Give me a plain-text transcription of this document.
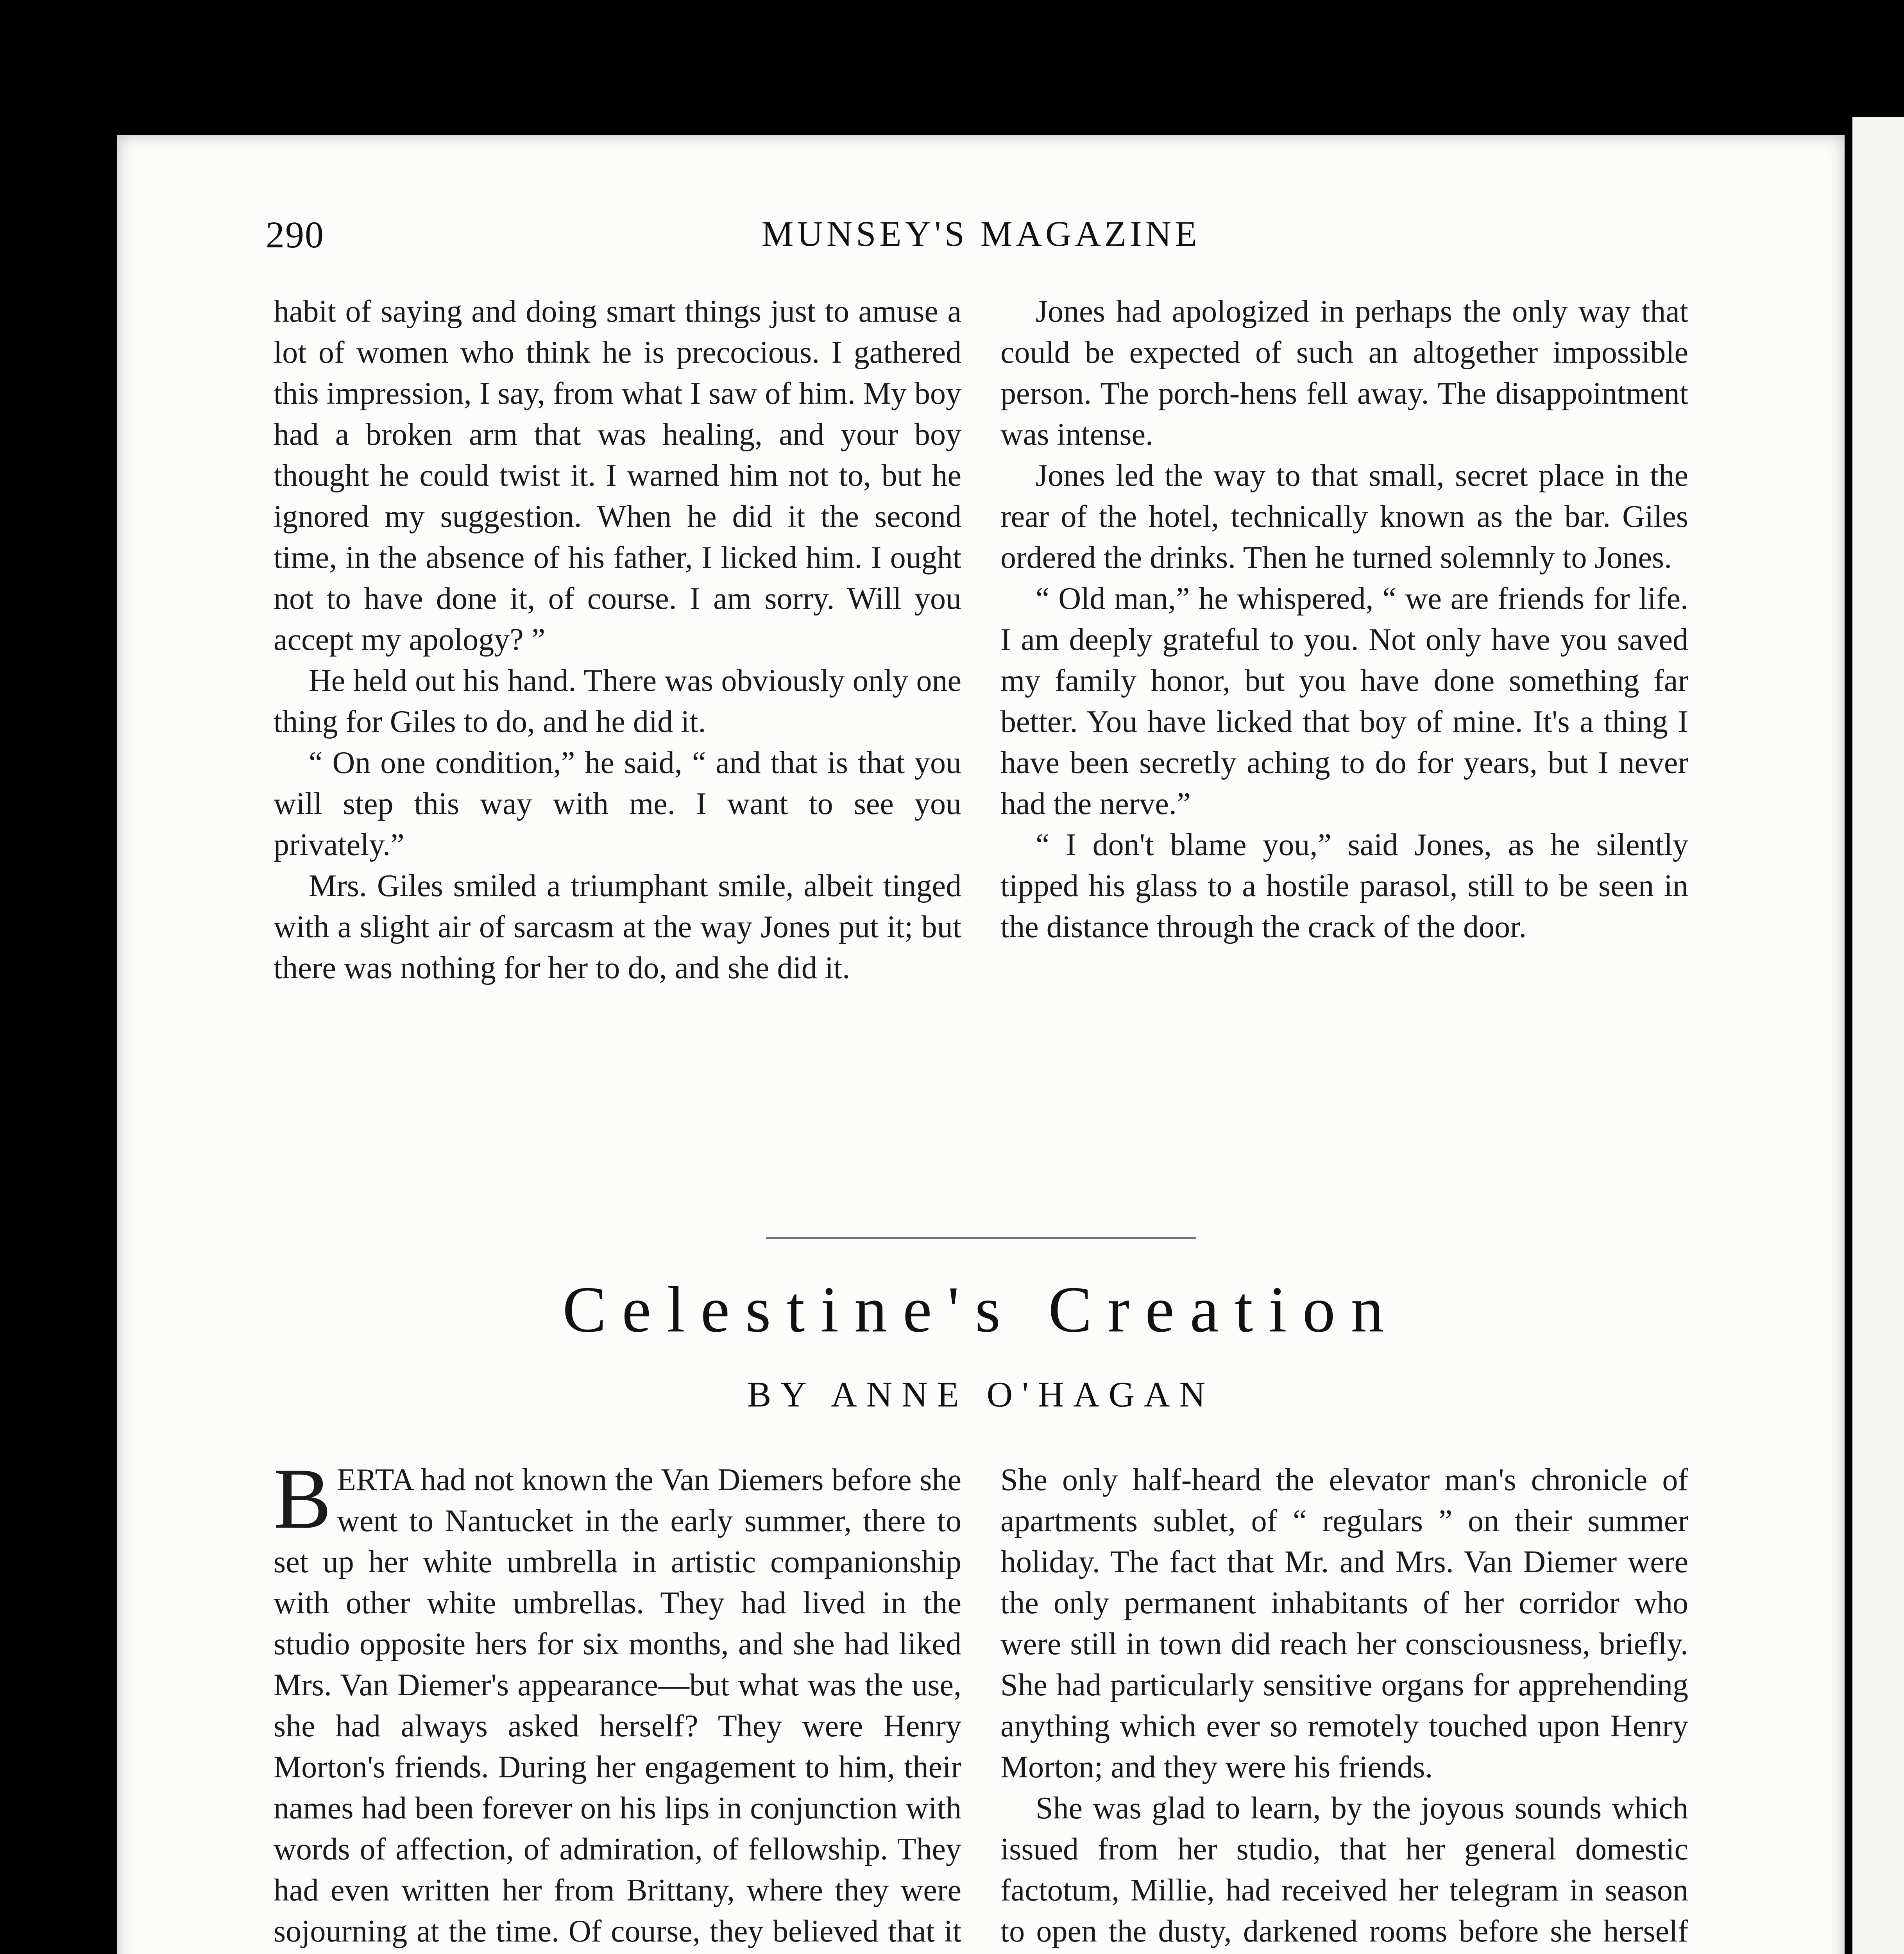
290	MUNSEY'S MAGAZINE

habit of saying and doing smart things just to amuse a lot of women who think he is precocious. I gathered this impression, I say, from what I saw of him. My boy had a broken arm that was healing, and your boy thought he could twist it. I warned him not to, but he ignored my suggestion. When he did it the second time, in the absence of his father, I licked him. I ought not to have done it, of course. I am sorry. Will you accept my apology? ”

He held out his hand. There was obviously only one thing for Giles to do, and he did it.

“ On one condition,” he said, “ and that is that you will step this way with me. I want to see you privately.”

Mrs. Giles smiled a triumphant smile, albeit tinged with a slight air of sarcasm at the way Jones put it; but there was nothing for her to do, and she did it.

Jones had apologized in perhaps the only way that could be expected of such an altogether impossible person. The porch-hens fell away. The disappointment was intense.

Jones led the way to that small, secret place in the rear of the hotel, technically known as the bar. Giles ordered the drinks. Then he turned solemnly to Jones.

“ Old man,” he whispered, “ we are friends for life. I am deeply grateful to you. Not only have you saved my family honor, but you have done something far better. You have licked that boy of mine. It's a thing I have been secretly aching to do for years, but I never had the nerve.”

“ I don't blame you,” said Jones, as he silently tipped his glass to a hostile parasol, still to be seen in the distance through the crack of the door.

Celestine's Creation
BY ANNE O'HAGAN

BERTA had not known the Van Diemers before she went to Nantucket in the early summer, there to set up her white umbrella in artistic companionship with other white umbrellas. They had lived in the studio opposite hers for six months, and she had liked Mrs. Van Diemer's appearance—but what was the use, she had always asked herself? They were Henry Morton's friends. During her engagement to him, their names had been forever on his lips in conjunction with words of affection, of admiration, of fellowship. They had even written her from Brittany, where they were sojourning at the time. Of course, they believed that it

She only half-heard the elevator man's chronicle of apartments sublet, of “ regulars ” on their summer holiday. The fact that Mr. and Mrs. Van Diemer were the only permanent inhabitants of her corridor who were still in town did reach her consciousness, briefly. She had particularly sensitive organs for apprehending anything which ever so remotely touched upon Henry Morton; and they were his friends.

She was glad to learn, by the joyous sounds which issued from her studio, that her general domestic factotum, Millie, had received her telegram in season to open the dusty, darkened rooms before she herself
